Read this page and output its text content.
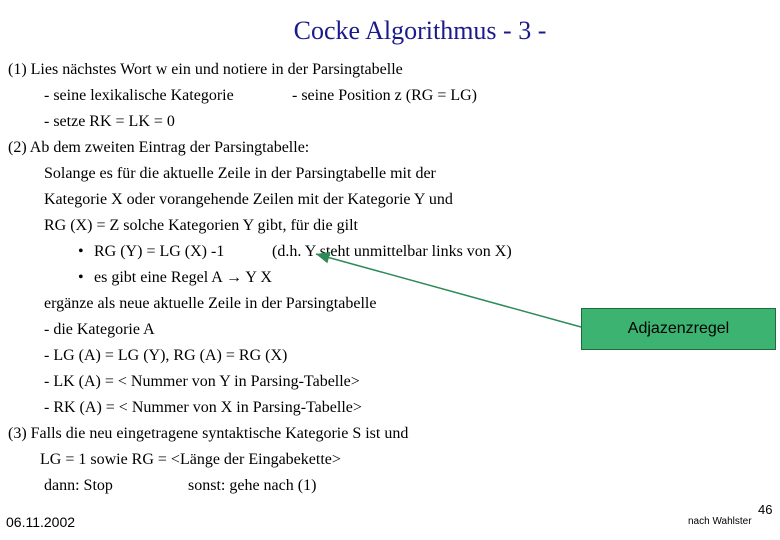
Cocke Algorithmus - 3 -
(1) Lies nächstes Wort w ein und notiere in der Parsingtabelle
- seine lexikalische Kategorie	- seine Position z (RG = LG)
- setze RK = LK = 0
(2) Ab dem zweiten Eintrag der Parsingtabelle:
Solange es für die aktuelle Zeile in der Parsingtabelle mit der
Kategorie X oder vorangehende Zeilen mit der Kategorie Y und
RG (X) = Z solche Kategorien Y gibt, für die gilt
• RG (Y) = LG (X) -1	(d.h. Y steht unmittelbar links von X)
• es gibt eine Regel A → Y X
ergänze als neue aktuelle Zeile in der Parsingtabelle
- die Kategorie A
- LG (A) = LG (Y), RG (A) = RG (X)
- LK (A) = < Nummer von Y in Parsing-Tabelle>
- RK (A) = < Nummer von X in Parsing-Tabelle>
(3) Falls die neu eingetragene syntaktische Kategorie S ist und
LG = 1 sowie RG = <Länge der Eingabekette>
dann: Stop	sonst: gehe nach (1)
Adjazenzregel
06.11.2002	nach Wahlster
46
